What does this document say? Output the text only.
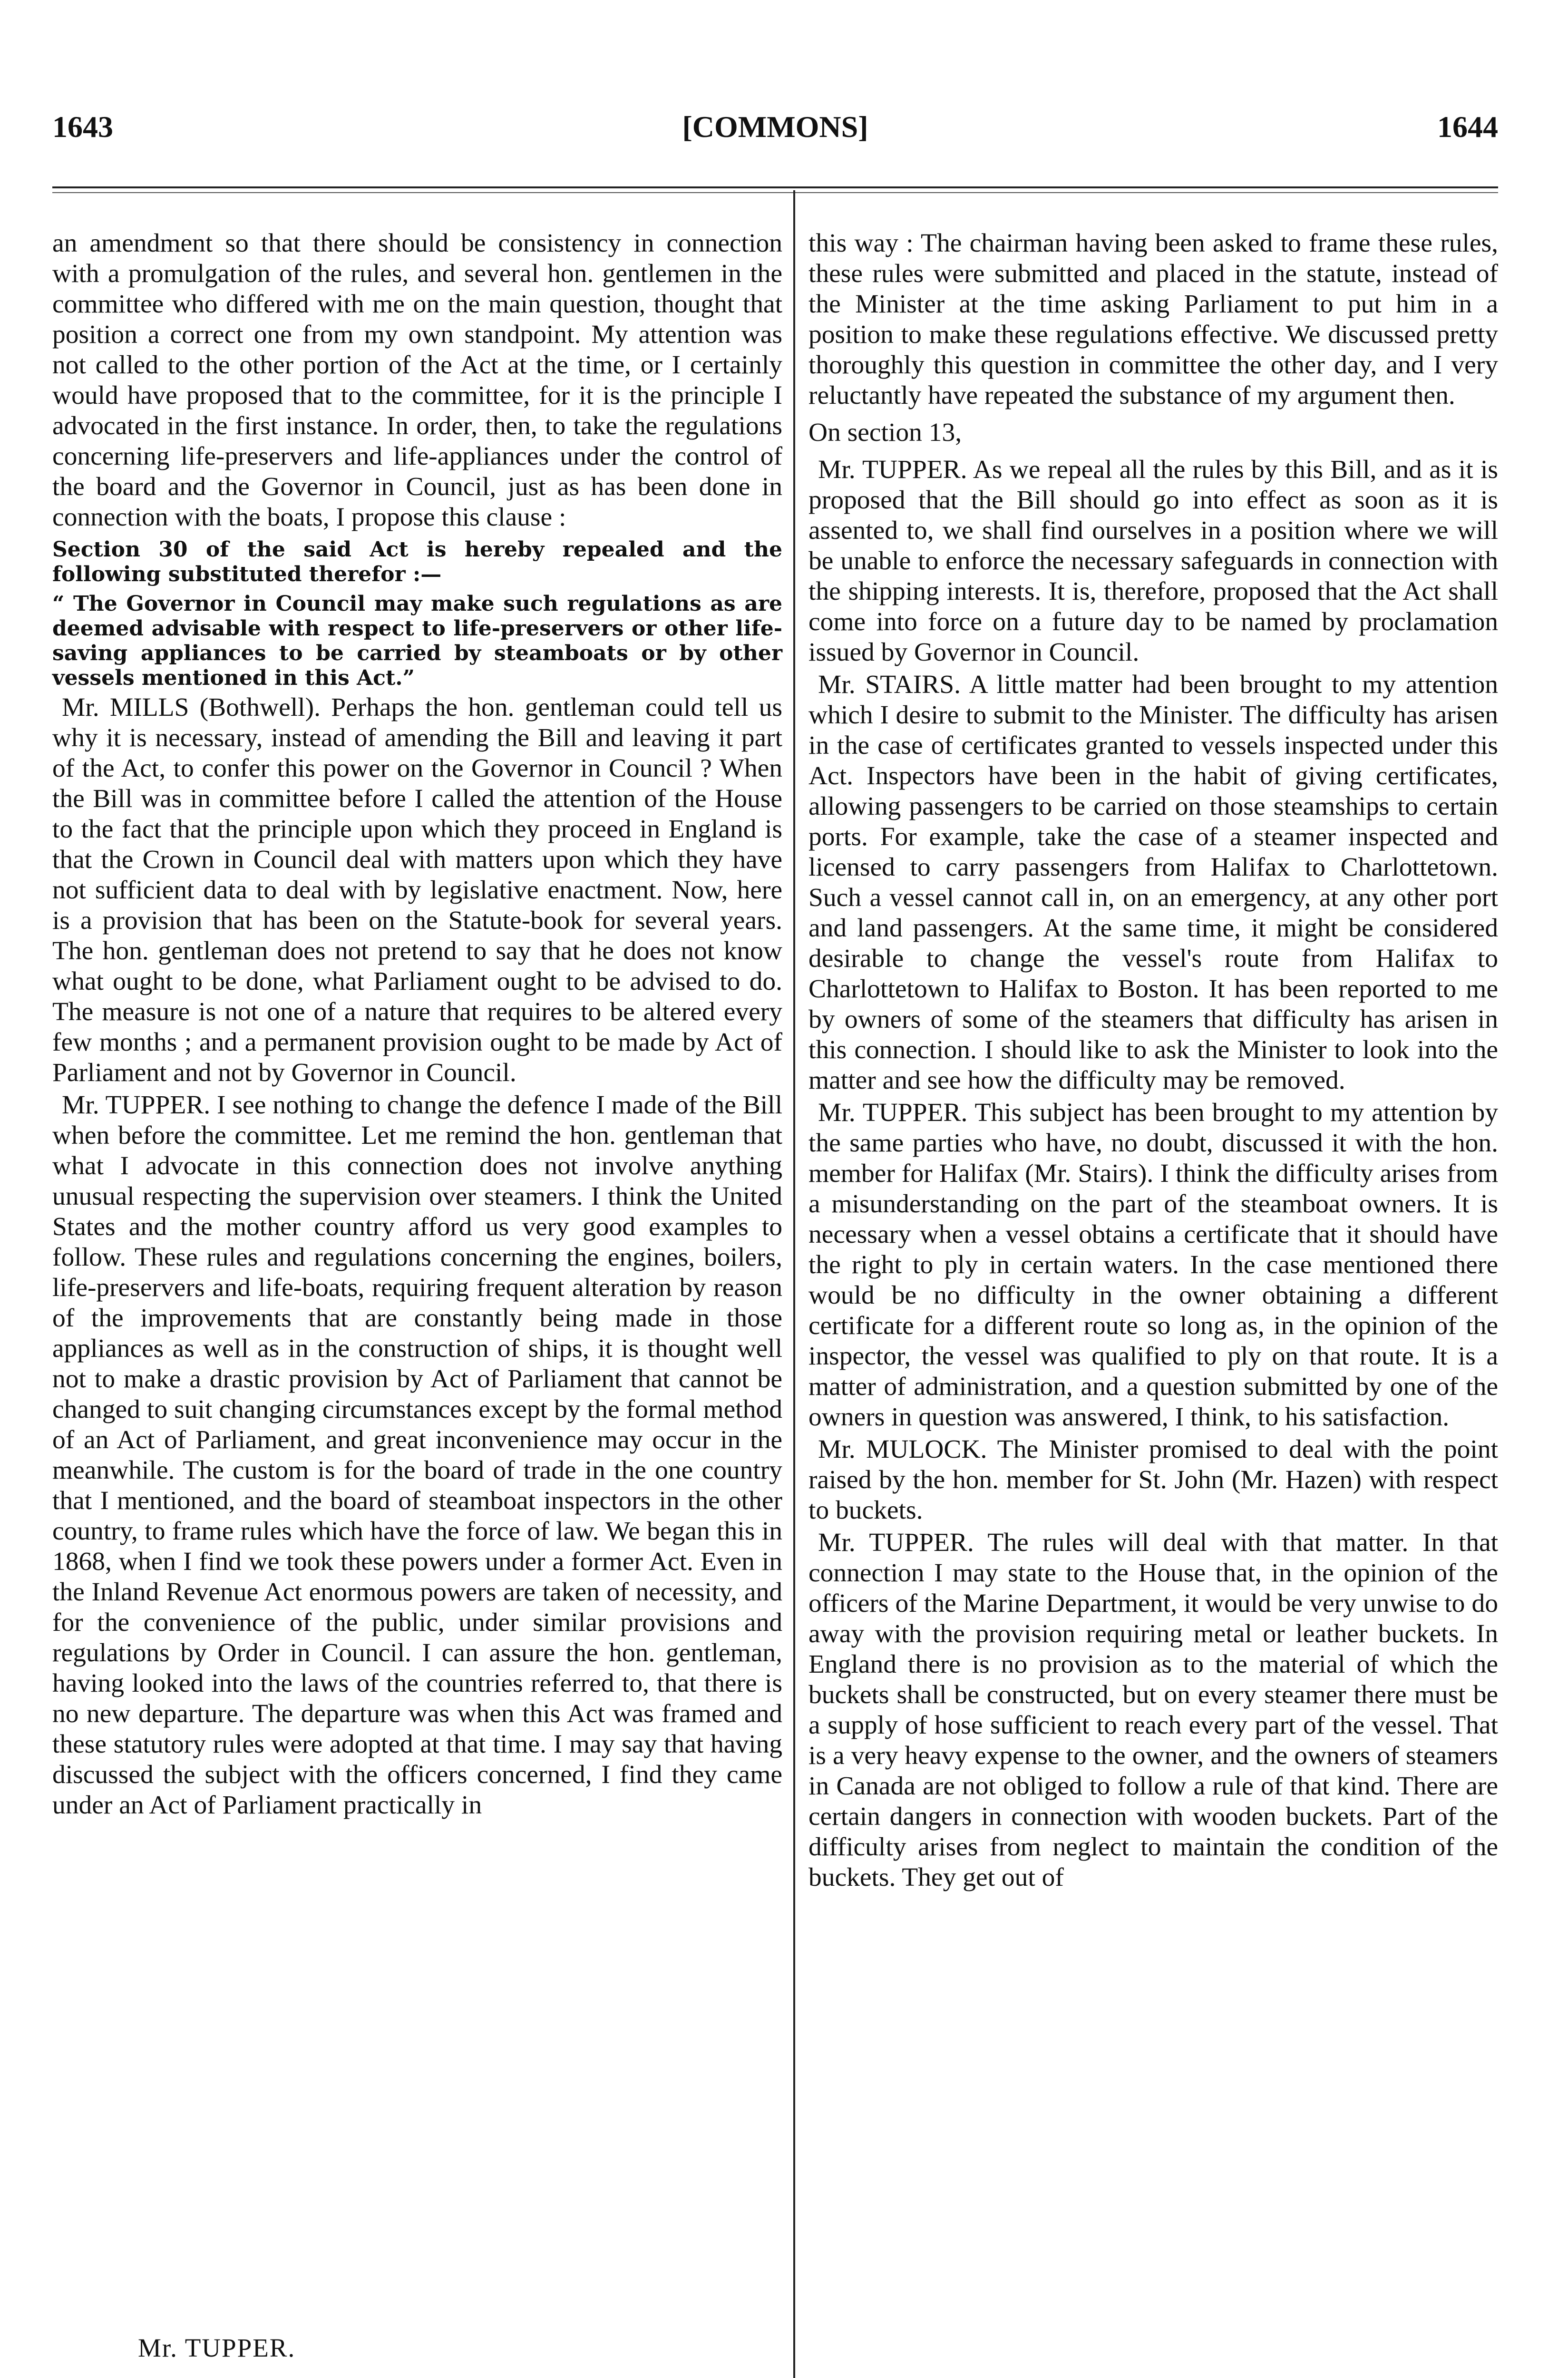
1643	[COMMONS]	1644

an amendment so that there should be consistency in connection with a promulgation of the rules, and several hon. gentlemen in the committee who differed with me on the main question, thought that position a correct one from my own standpoint. My attention was not called to the other portion of the Act at the time, or I certainly would have proposed that to the committee, for it is the principle I advocated in the first instance. In order, then, to take the regulations concerning life-preservers and life-appliances under the control of the board and the Governor in Council, just as has been done in connection with the boats, I propose this clause :

Section 30 of the said Act is hereby repealed and the following substituted therefor :—

“ The Governor in Council may make such regulations as are deemed advisable with respect to life-preservers or other life-saving appliances to be carried by steamboats or by other vessels mentioned in this Act.”

Mr. MILLS (Bothwell). Perhaps the hon. gentleman could tell us why it is necessary, instead of amending the Bill and leaving it part of the Act, to confer this power on the Governor in Council ? When the Bill was in committee before I called the attention of the House to the fact that the principle upon which they proceed in England is that the Crown in Council deal with matters upon which they have not sufficient data to deal with by legislative enactment. Now, here is a provision that has been on the Statute-book for several years. The hon. gentleman does not pretend to say that he does not know what ought to be done, what Parliament ought to be advised to do. The measure is not one of a nature that requires to be altered every few months ; and a permanent provision ought to be made by Act of Parliament and not by Governor in Council.

Mr. TUPPER. I see nothing to change the defence I made of the Bill when before the committee. Let me remind the hon. gentleman that what I advocate in this connection does not involve anything unusual respecting the supervision over steamers. I think the United States and the mother country afford us very good examples to follow. These rules and regulations concerning the engines, boilers, life-preservers and life-boats, requiring frequent alteration by reason of the improvements that are constantly being made in those appliances as well as in the construction of ships, it is thought well not to make a drastic provision by Act of Parliament that cannot be changed to suit changing circumstances except by the formal method of an Act of Parliament, and great inconvenience may occur in the meanwhile. The custom is for the board of trade in the one country that I mentioned, and the board of steamboat inspectors in the other country, to frame rules which have the force of law. We began this in 1868, when I find we took these powers under a former Act. Even in the Inland Revenue Act enormous powers are taken of necessity, and for the convenience of the public, under similar provisions and regulations by Order in Council. I can assure the hon. gentleman, having looked into the laws of the countries referred to, that there is no new departure. The departure was when this Act was framed and these statutory rules were adopted at that time. I may say that having discussed the subject with the officers concerned, I find they came under an Act of Parliament practically in

this way : The chairman having been asked to frame these rules, these rules were submitted and placed in the statute, instead of the Minister at the time asking Parliament to put him in a position to make these regulations effective. We discussed pretty thoroughly this question in committee the other day, and I very reluctantly have repeated the substance of my argument then.

On section 13,

Mr. TUPPER. As we repeal all the rules by this Bill, and as it is proposed that the Bill should go into effect as soon as it is assented to, we shall find ourselves in a position where we will be unable to enforce the necessary safeguards in connection with the shipping interests. It is, therefore, proposed that the Act shall come into force on a future day to be named by proclamation issued by Governor in Council.

Mr. STAIRS. A little matter had been brought to my attention which I desire to submit to the Minister. The difficulty has arisen in the case of certificates granted to vessels inspected under this Act. Inspectors have been in the habit of giving certificates, allowing passengers to be carried on those steamships to certain ports. For example, take the case of a steamer inspected and licensed to carry passengers from Halifax to Charlottetown. Such a vessel cannot call in, on an emergency, at any other port and land passengers. At the same time, it might be considered desirable to change the vessel's route from Halifax to Charlottetown to Halifax to Boston. It has been reported to me by owners of some of the steamers that difficulty has arisen in this connection. I should like to ask the Minister to look into the matter and see how the difficulty may be removed.

Mr. TUPPER. This subject has been brought to my attention by the same parties who have, no doubt, discussed it with the hon. member for Halifax (Mr. Stairs). I think the difficulty arises from a misunderstanding on the part of the steamboat owners. It is necessary when a vessel obtains a certificate that it should have the right to ply in certain waters. In the case mentioned there would be no difficulty in the owner obtaining a different certificate for a different route so long as, in the opinion of the inspector, the vessel was qualified to ply on that route. It is a matter of administration, and a question submitted by one of the owners in question was answered, I think, to his satisfaction.

Mr. MULOCK. The Minister promised to deal with the point raised by the hon. member for St. John (Mr. Hazen) with respect to buckets.

Mr. TUPPER. The rules will deal with that matter. In that connection I may state to the House that, in the opinion of the officers of the Marine Department, it would be very unwise to do away with the provision requiring metal or leather buckets. In England there is no provision as to the material of which the buckets shall be constructed, but on every steamer there must be a supply of hose sufficient to reach every part of the vessel. That is a very heavy expense to the owner, and the owners of steamers in Canada are not obliged to follow a rule of that kind. There are certain dangers in connection with wooden buckets. Part of the difficulty arises from neglect to maintain the condition of the buckets. They get out of

Mr. TUPPER.
